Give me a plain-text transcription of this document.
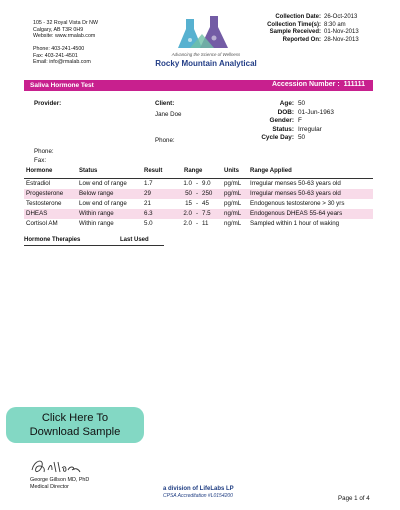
105 - 32 Royal Vista Dr NW
Calgary, AB T3R 0H9
Website: www.rmalab.com
Phone: 403-241-4500
Fax: 403-241-4501
Email: info@rmalab.com
Advancing the Science of Wellness
Rocky Mountain Analytical
Collection Date: 26-Oct-2013
Collection Time(s): 8:30 am
Sample Received: 01-Nov-2013
Reported On: 28-Nov-2013
Saliva Hormone Test	Accession Number : 111111
Provider:	Client:
Jane Doe
Phone:
Phone:
Fax:
Age: 50
DOB: 01-Jun-1963
Gender: F
Status: Irregular
Cycle Day: 50
Hormone	Status	Result	Range	Units	Range Applied
Estradiol	Low end of range	1.7	1.0 - 9.0	pg/mL	Irregular menses 50-63 years old
Progesterone	Below range	29	50 - 250	pg/mL	Irregular menses 50-63 years old
Testosterone	Low end of range	21	15 - 45	pg/mL	Endogenous testosterone > 30 yrs
DHEAS	Within range	6.3	2.0 - 7.5	ng/mL	Endogenous DHEAS 55-64 years
Cortisol AM	Within range	5.0	2.0 - 11	ng/mL	Sampled within 1 hour of waking
Hormone Therapies	Last Used
Click Here To
Download Sample
George Gillson MD, PhD
Medical Director	a division of LifeLabs LP
CPSA Accreditation #L0154200	Page 1 of 4
